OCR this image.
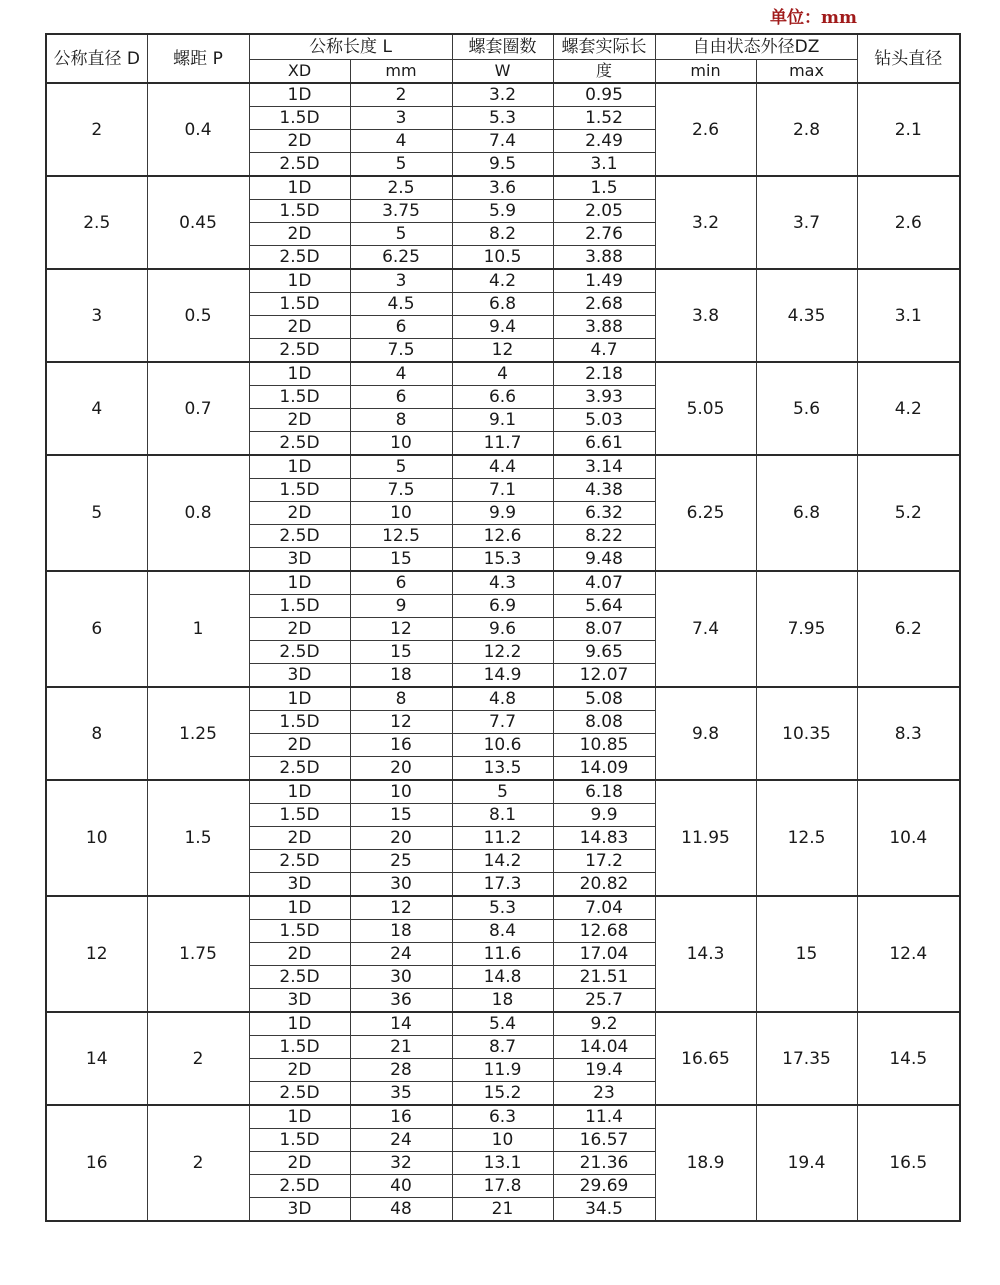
单位：mm
公称直径 D	螺距 P	公称长度 L		螺套圈数	螺套实际长	自由状态外径DZ		钻头直径
		XD	mm	W	度	min	max	
2	0.4	1D	2	3.2	0.95	2.6	2.8	2.1
		1.5D	3	5.3	1.52			
		2D	4	7.4	2.49			
		2.5D	5	9.5	3.1			
2.5	0.45	1D	2.5	3.6	1.5	3.2	3.7	2.6
		1.5D	3.75	5.9	2.05			
		2D	5	8.2	2.76			
		2.5D	6.25	10.5	3.88			
3	0.5	1D	3	4.2	1.49	3.8	4.35	3.1
		1.5D	4.5	6.8	2.68			
		2D	6	9.4	3.88			
		2.5D	7.5	12	4.7			
4	0.7	1D	4	4	2.18	5.05	5.6	4.2
		1.5D	6	6.6	3.93			
		2D	8	9.1	5.03			
		2.5D	10	11.7	6.61			
5	0.8	1D	5	4.4	3.14	6.25	6.8	5.2
		1.5D	7.5	7.1	4.38			
		2D	10	9.9	6.32			
		2.5D	12.5	12.6	8.22			
		3D	15	15.3	9.48			
6	1	1D	6	4.3	4.07	7.4	7.95	6.2
		1.5D	9	6.9	5.64			
		2D	12	9.6	8.07			
		2.5D	15	12.2	9.65			
		3D	18	14.9	12.07			
8	1.25	1D	8	4.8	5.08	9.8	10.35	8.3
		1.5D	12	7.7	8.08			
		2D	16	10.6	10.85			
		2.5D	20	13.5	14.09			
10	1.5	1D	10	5	6.18	11.95	12.5	10.4
		1.5D	15	8.1	9.9			
		2D	20	11.2	14.83			
		2.5D	25	14.2	17.2			
		3D	30	17.3	20.82			
12	1.75	1D	12	5.3	7.04	14.3	15	12.4
		1.5D	18	8.4	12.68			
		2D	24	11.6	17.04			
		2.5D	30	14.8	21.51			
		3D	36	18	25.7			
14	2	1D	14	5.4	9.2	16.65	17.35	14.5
		1.5D	21	8.7	14.04			
		2D	28	11.9	19.4			
		2.5D	35	15.2	23			
16	2	1D	16	6.3	11.4	18.9	19.4	16.5
		1.5D	24	10	16.57			
		2D	32	13.1	21.36			
		2.5D	40	17.8	29.69			
		3D	48	21	34.5			
